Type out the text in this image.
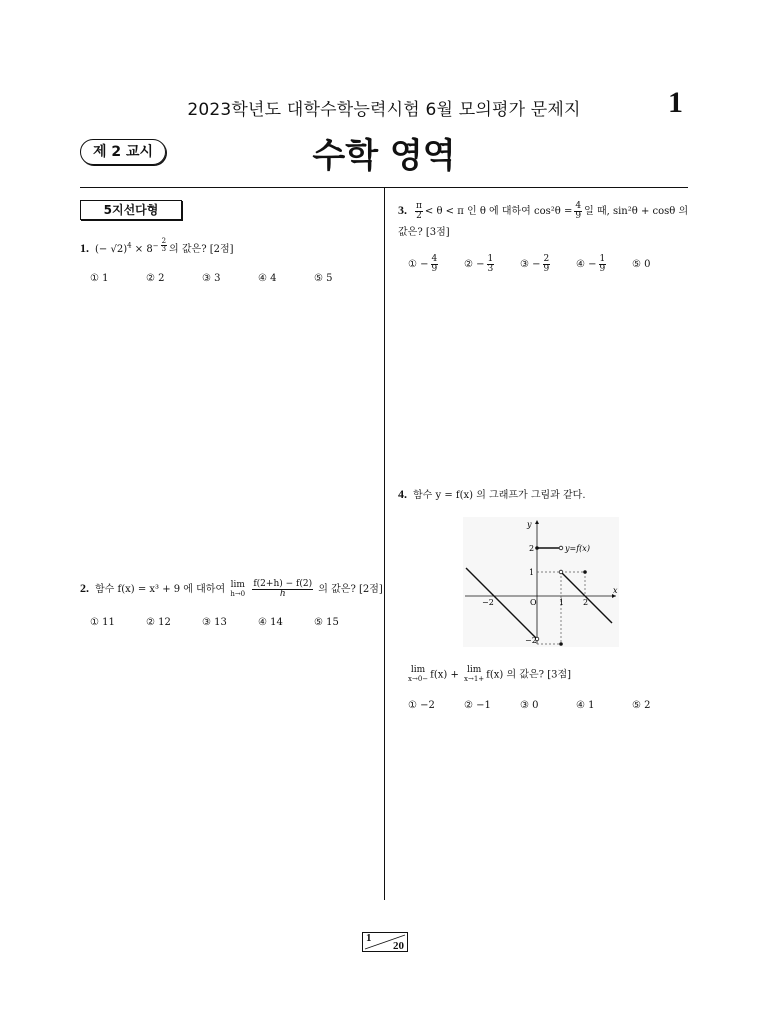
2023학년도 대학수학능력시험 6월 모의평가 문제지	1
제 2 교시	수학 영역
5지선다형
1. (− $√2)^4 \times 8^{- \frac{2}{3}}$ 의 값은? [2점]
① 1	② 2	③ 3	④ 4	⑤ 5
2. 함수 f(x) = x³ + 9 에 대하여 lim
h→0
$\frac{f(2+h) - f(2)}{h}$ 의 값은? [2점]
① 11	② 12	③ 13	④ 14	⑤ 15
3. $\frac{\pi}{2} < \theta < \pi$ 인 θ 에 대하여 $\cos^2\theta = \frac{4}{9}$ 일 때, sin²θ + cosθ 의
값은? [3점]
① − $\frac{4}{9}$	② − $\frac{1}{3}$	③ − $\frac{2}{9}$	④ − $\frac{1}{9}$	⑤ 0
4. 함수 y = f(x) 의 그래프가 그림과 같다.
y
x
y=f(x)
O
−2	1 2
2
1
−2
lim
x→0− f(x) + lim
x→1+ f(x) 의 값은? [3점]
① −2	② −1	③ 0	④ 1	⑤ 2
1
20
